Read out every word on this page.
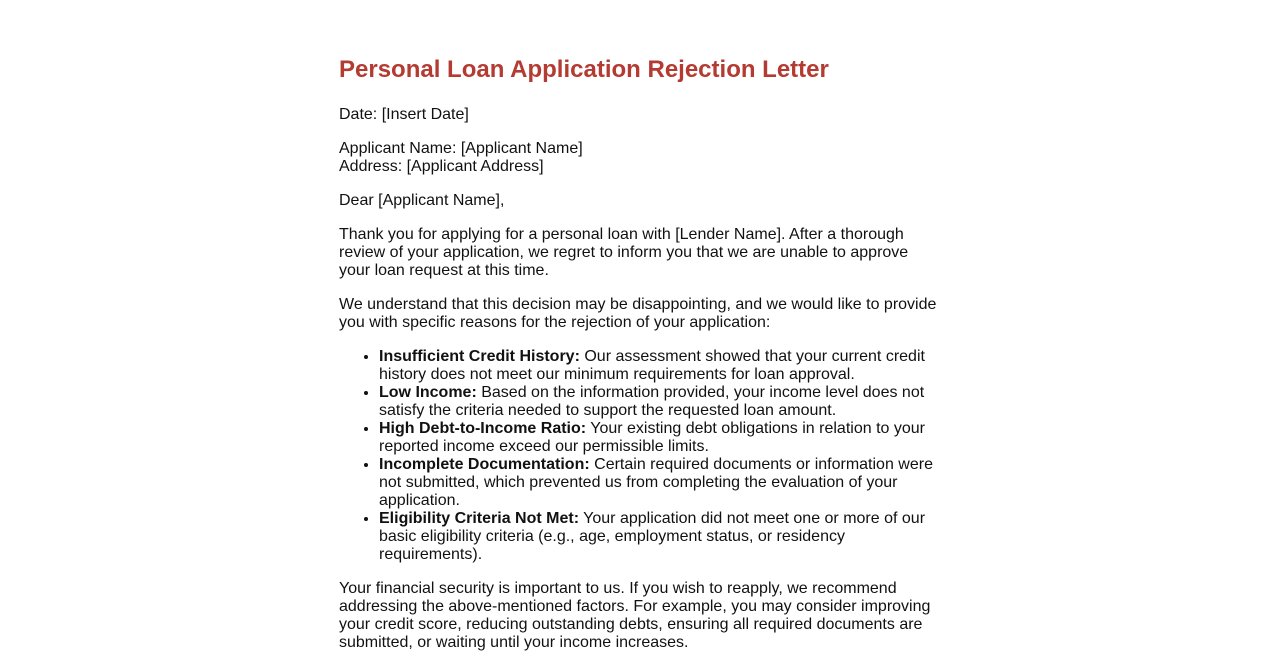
Personal Loan Application Rejection Letter

Date: [Insert Date]

Applicant Name: [Applicant Name]
Address: [Applicant Address]

Dear [Applicant Name],

Thank you for applying for a personal loan with [Lender Name]. After a thorough review of your application, we regret to inform you that we are unable to approve your loan request at this time.

We understand that this decision may be disappointing, and we would like to provide you with specific reasons for the rejection of your application:

• Insufficient Credit History: Our assessment showed that your current credit history does not meet our minimum requirements for loan approval.
• Low Income: Based on the information provided, your income level does not satisfy the criteria needed to support the requested loan amount.
• High Debt-to-Income Ratio: Your existing debt obligations in relation to your reported income exceed our permissible limits.
• Incomplete Documentation: Certain required documents or information were not submitted, which prevented us from completing the evaluation of your application.
• Eligibility Criteria Not Met: Your application did not meet one or more of our basic eligibility criteria (e.g., age, employment status, or residency requirements).

Your financial security is important to us. If you wish to reapply, we recommend addressing the above-mentioned factors. For example, you may consider improving your credit score, reducing outstanding debts, ensuring all required documents are submitted, or waiting until your income increases.
